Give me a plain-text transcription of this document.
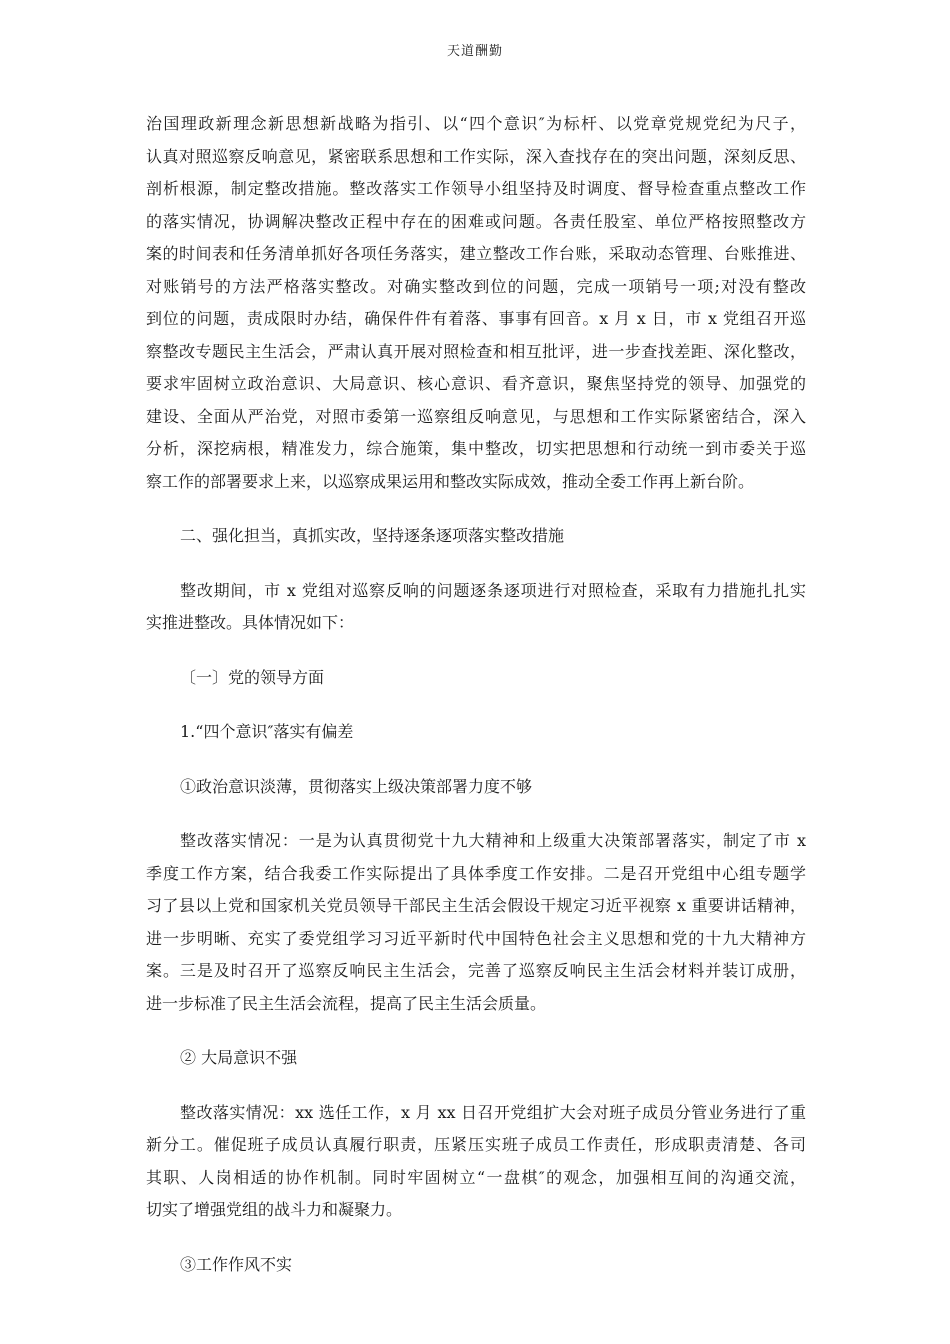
天道酬勤
治国理政新理念新思想新战略为指引、以“四个意识″为标杆、以党章党规党纪为尺子，
认真对照巡察反响意见，紧密联系思想和工作实际，深入查找存在的突出问题，深刻反思、
剖析根源，制定整改措施。整改落实工作领导小组坚持及时调度、督导检查重点整改工作
的落实情况，协调解决整改正程中存在的困难或问题。各责任股室、单位严格按照整改方
案的时间表和任务清单抓好各项任务落实，建立整改工作台账，采取动态管理、台账推进、
对账销号的方法严格落实整改。对确实整改到位的问题，完成一项销号一项;对没有整改
到位的问题，责成限时办结，确保件件有着落、事事有回音。x 月 x 日，市 x 党组召开巡
察整改专题民主生活会，严肃认真开展对照检查和相互批评，进一步查找差距、深化整改，
要求牢固树立政治意识、大局意识、核心意识、看齐意识，聚焦坚持党的领导、加强党的
建设、全面从严治党，对照市委第一巡察组反响意见，与思想和工作实际紧密结合，深入
分析，深挖病根，精准发力，综合施策，集中整改，切实把思想和行动统一到市委关于巡
察工作的部署要求上来，以巡察成果运用和整改实际成效，推动全委工作再上新台阶。
二、强化担当，真抓实改，坚持逐条逐项落实整改措施
整改期间，市 x 党组对巡察反响的问题逐条逐项进行对照检查，采取有力措施扎扎实
实推进整改。具体情况如下：
〔一〕党的领导方面
1.“四个意识″落实有偏差
①政治意识淡薄，贯彻落实上级决策部署力度不够
整改落实情况：一是为认真贯彻党十九大精神和上级重大决策部署落实，制定了市 x
季度工作方案，结合我委工作实际提出了具体季度工作安排。二是召开党组中心组专题学
习了县以上党和国家机关党员领导干部民主生活会假设干规定习近平视察 x 重要讲话精神，
进一步明晰、充实了委党组学习习近平新时代中国特色社会主义思想和党的十九大精神方
案。三是及时召开了巡察反响民主生活会，完善了巡察反响民主生活会材料并装订成册，
进一步标准了民主生活会流程，提高了民主生活会质量。
② 大局意识不强
整改落实情况：xx 选任工作，x 月 xx 日召开党组扩大会对班子成员分管业务进行了重
新分工。催促班子成员认真履行职责，压紧压实班子成员工作责任，形成职责清楚、各司
其职、人岗相适的协作机制。同时牢固树立“一盘棋″的观念，加强相互间的沟通交流，
切实了增强党组的战斗力和凝聚力。
③工作作风不实
